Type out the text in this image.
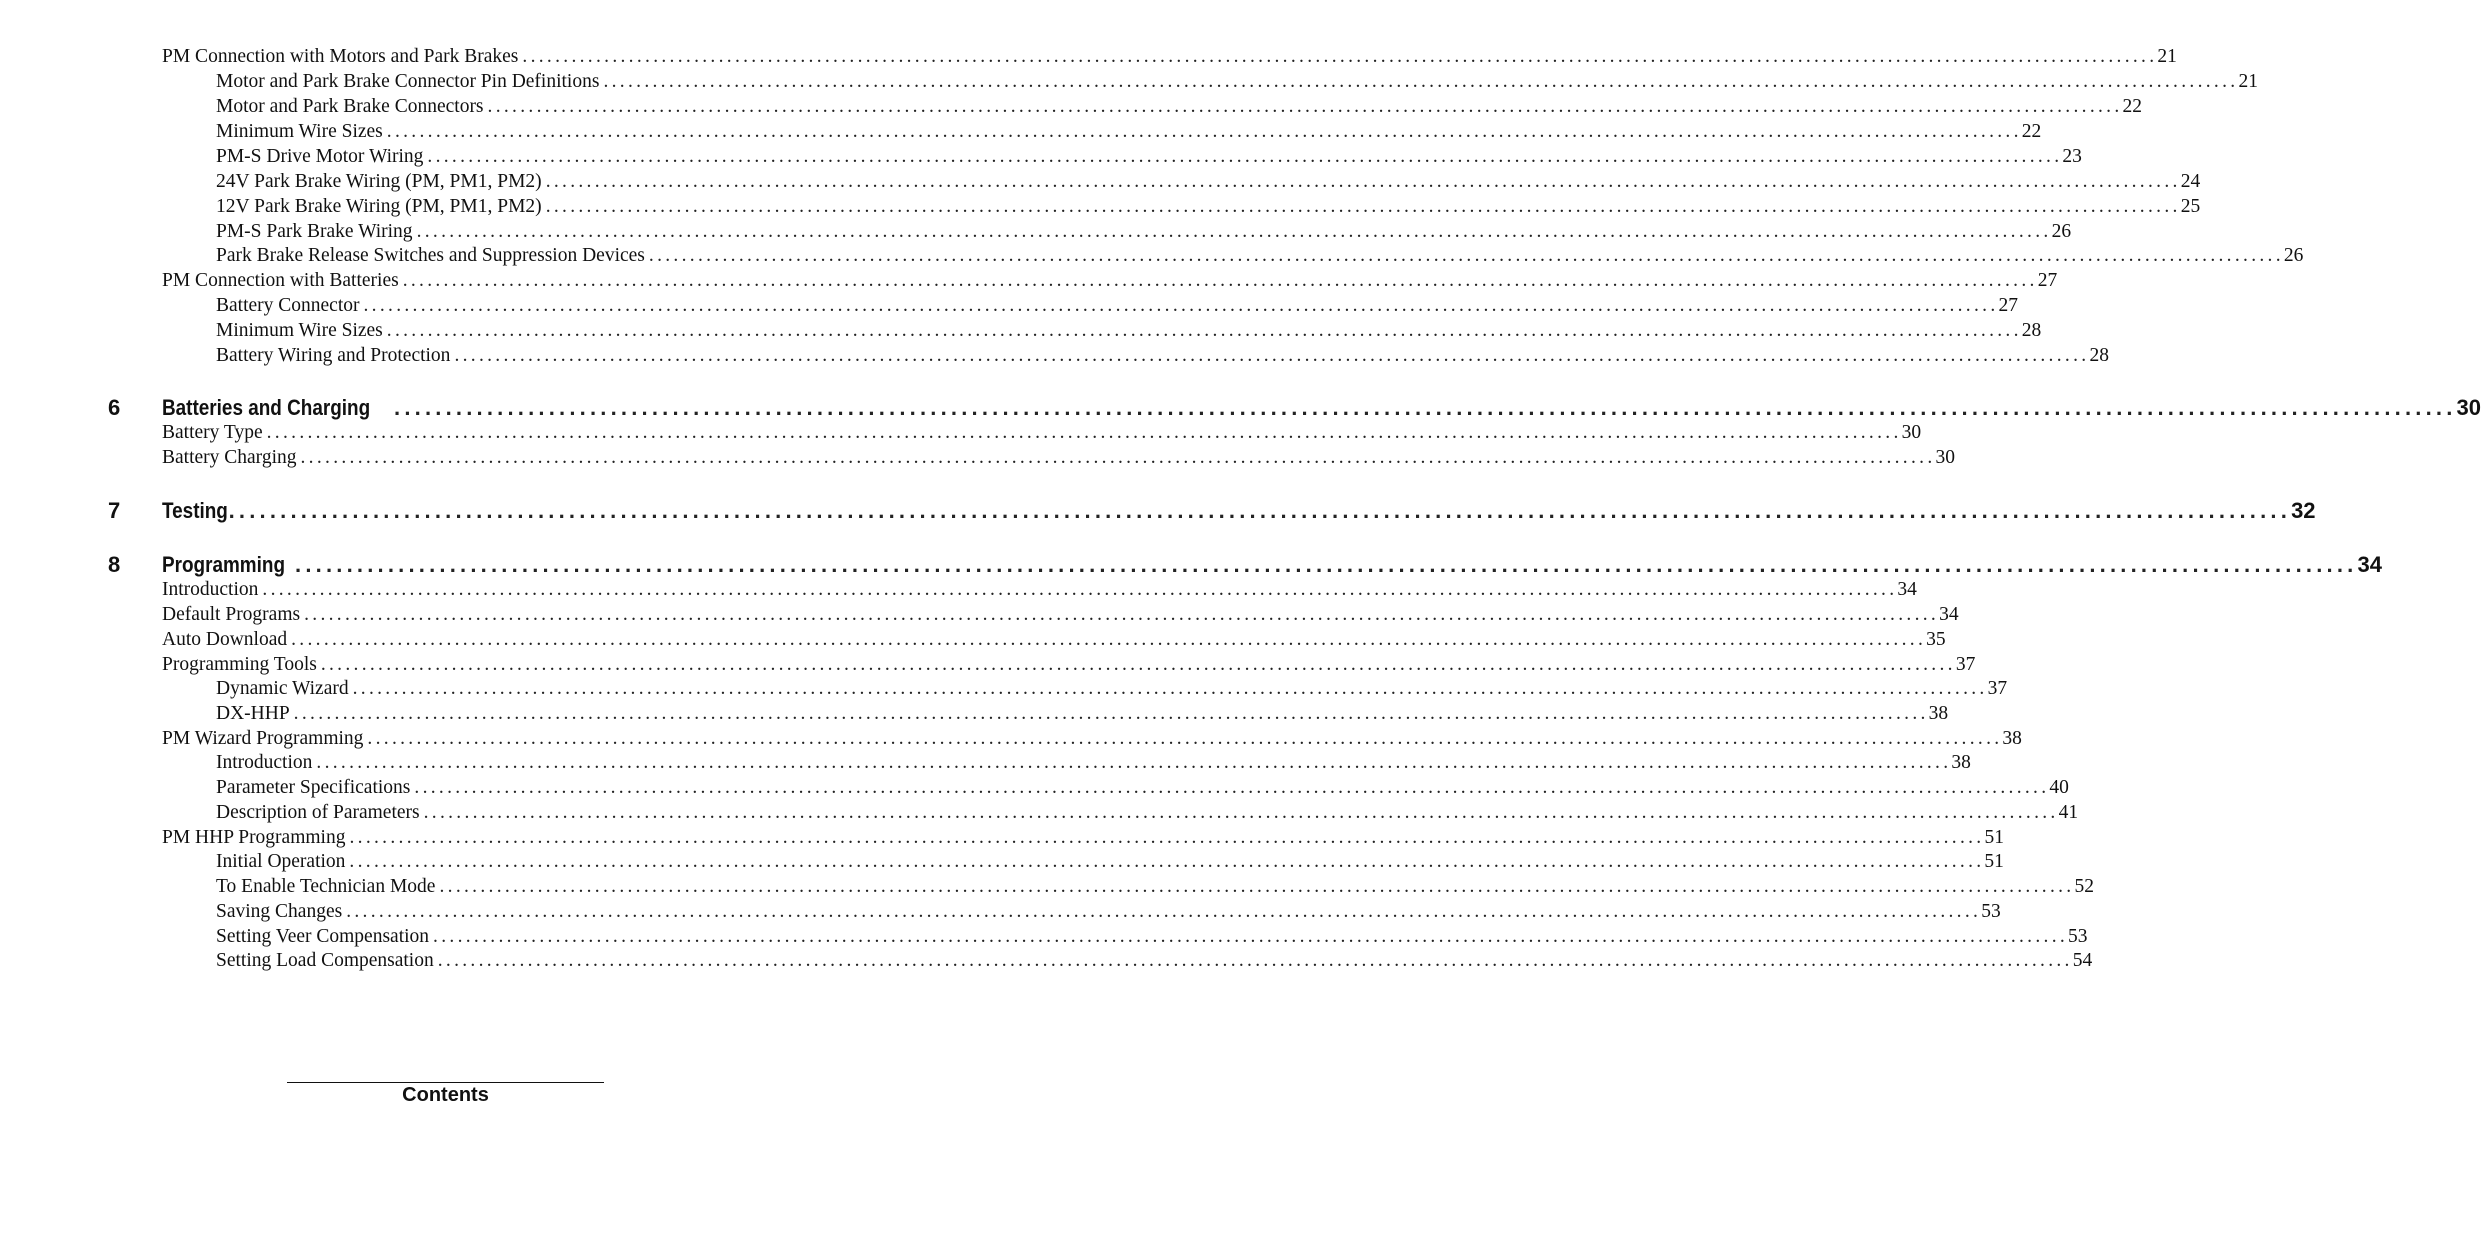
PM Connection with Motors and Park Brakes ........................................................................................................................................................................................................ 21
Motor and Park Brake Connector Pin Definitions ........................................................................................................................................................................................................ 21
Motor and Park Brake Connectors ........................................................................................................................................................................................................ 22
Minimum Wire Sizes ........................................................................................................................................................................................................ 22
PM-S Drive Motor Wiring ........................................................................................................................................................................................................ 23
24V Park Brake Wiring (PM, PM1, PM2) ........................................................................................................................................................................................................ 24
12V Park Brake Wiring (PM, PM1, PM2) ........................................................................................................................................................................................................ 25
PM-S Park Brake Wiring ........................................................................................................................................................................................................ 26
Park Brake Release Switches and Suppression Devices ........................................................................................................................................................................................................ 26
PM Connection with Batteries ........................................................................................................................................................................................................ 27
Battery Connector ........................................................................................................................................................................................................ 27
Minimum Wire Sizes ........................................................................................................................................................................................................ 28
Battery Wiring and Protection ........................................................................................................................................................................................................ 28
6 Batteries and Charging ........................................................................................................................................................................................................ 30
Battery Type ........................................................................................................................................................................................................ 30
Battery Charging ........................................................................................................................................................................................................ 30
7 Testing ........................................................................................................................................................................................................ 32
8 Programming ........................................................................................................................................................................................................ 34
Introduction ........................................................................................................................................................................................................ 34
Default Programs ........................................................................................................................................................................................................ 34
Auto Download ........................................................................................................................................................................................................ 35
Programming Tools ........................................................................................................................................................................................................ 37
Dynamic Wizard ........................................................................................................................................................................................................ 37
DX-HHP ........................................................................................................................................................................................................ 38
PM Wizard Programming ........................................................................................................................................................................................................ 38
Introduction ........................................................................................................................................................................................................ 38
Parameter Specifications ........................................................................................................................................................................................................ 40
Description of Parameters ........................................................................................................................................................................................................ 41
PM HHP Programming ........................................................................................................................................................................................................ 51
Initial Operation ........................................................................................................................................................................................................ 51
To Enable Technician Mode ........................................................................................................................................................................................................ 52
Saving Changes ........................................................................................................................................................................................................ 53
Setting Veer Compensation ........................................................................................................................................................................................................ 53
Setting Load Compensation ........................................................................................................................................................................................................ 54
Contents
